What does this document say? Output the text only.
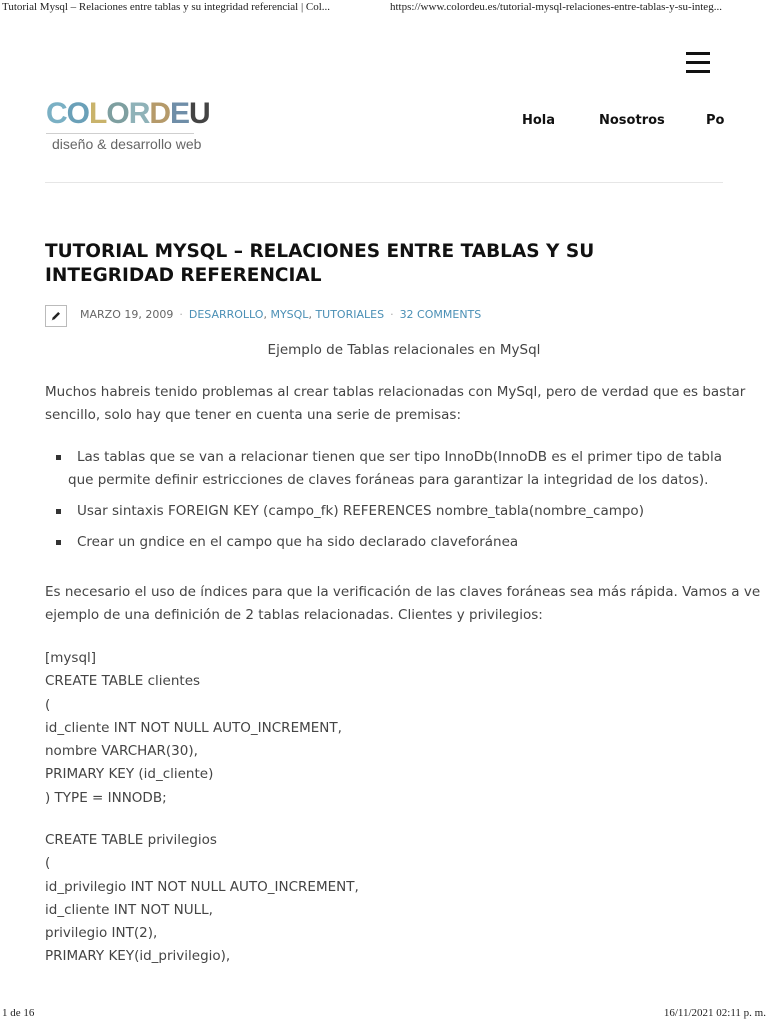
Tutorial Mysql – Relaciones entre tablas y su integridad referencial | Col...	https://www.colordeu.es/tutorial-mysql-relaciones-entre-tablas-y-su-integ...
COLORDEU
diseño & desarrollo web
Hola	Nosotros	Po
TUTORIAL MYSQL – RELACIONES ENTRE TABLAS Y SU INTEGRIDAD REFERENCIAL
MARZO 19, 2009 · DESARROLLO, MYSQL, TUTORIALES · 32 COMMENTS
Ejemplo de Tablas relacionales en MySql

Muchos habreis tenido problemas al crear tablas relacionadas con MySql, pero de verdad que es bastar

sencillo, solo hay que tener en cuenta una serie de premisas:

Las tablas que se van a relacionar tienen que ser tipo InnoDb(InnoDB es el primer tipo de tabla que permite definir estricciones de claves foráneas para garantizar la integridad de los datos).
Usar sintaxis FOREIGN KEY (campo_fk) REFERENCES nombre_tabla(nombre_campo)
Crear un gndice en el campo que ha sido declarado claveforánea

Es necesario el uso de índices para que la verificación de las claves foráneas sea más rápida. Vamos a ve

ejemplo de una definición de 2 tablas relacionadas. Clientes y privilegios:

[mysql]
CREATE TABLE clientes
(
id_cliente INT NOT NULL AUTO_INCREMENT,
nombre VARCHAR(30),
PRIMARY KEY (id_cliente)
) TYPE = INNODB;
CREATE TABLE privilegios
(
id_privilegio INT NOT NULL AUTO_INCREMENT,
id_cliente INT NOT NULL,
privilegio INT(2),
PRIMARY KEY(id_privilegio),
1 de 16	16/11/2021 02:11 p. m.
